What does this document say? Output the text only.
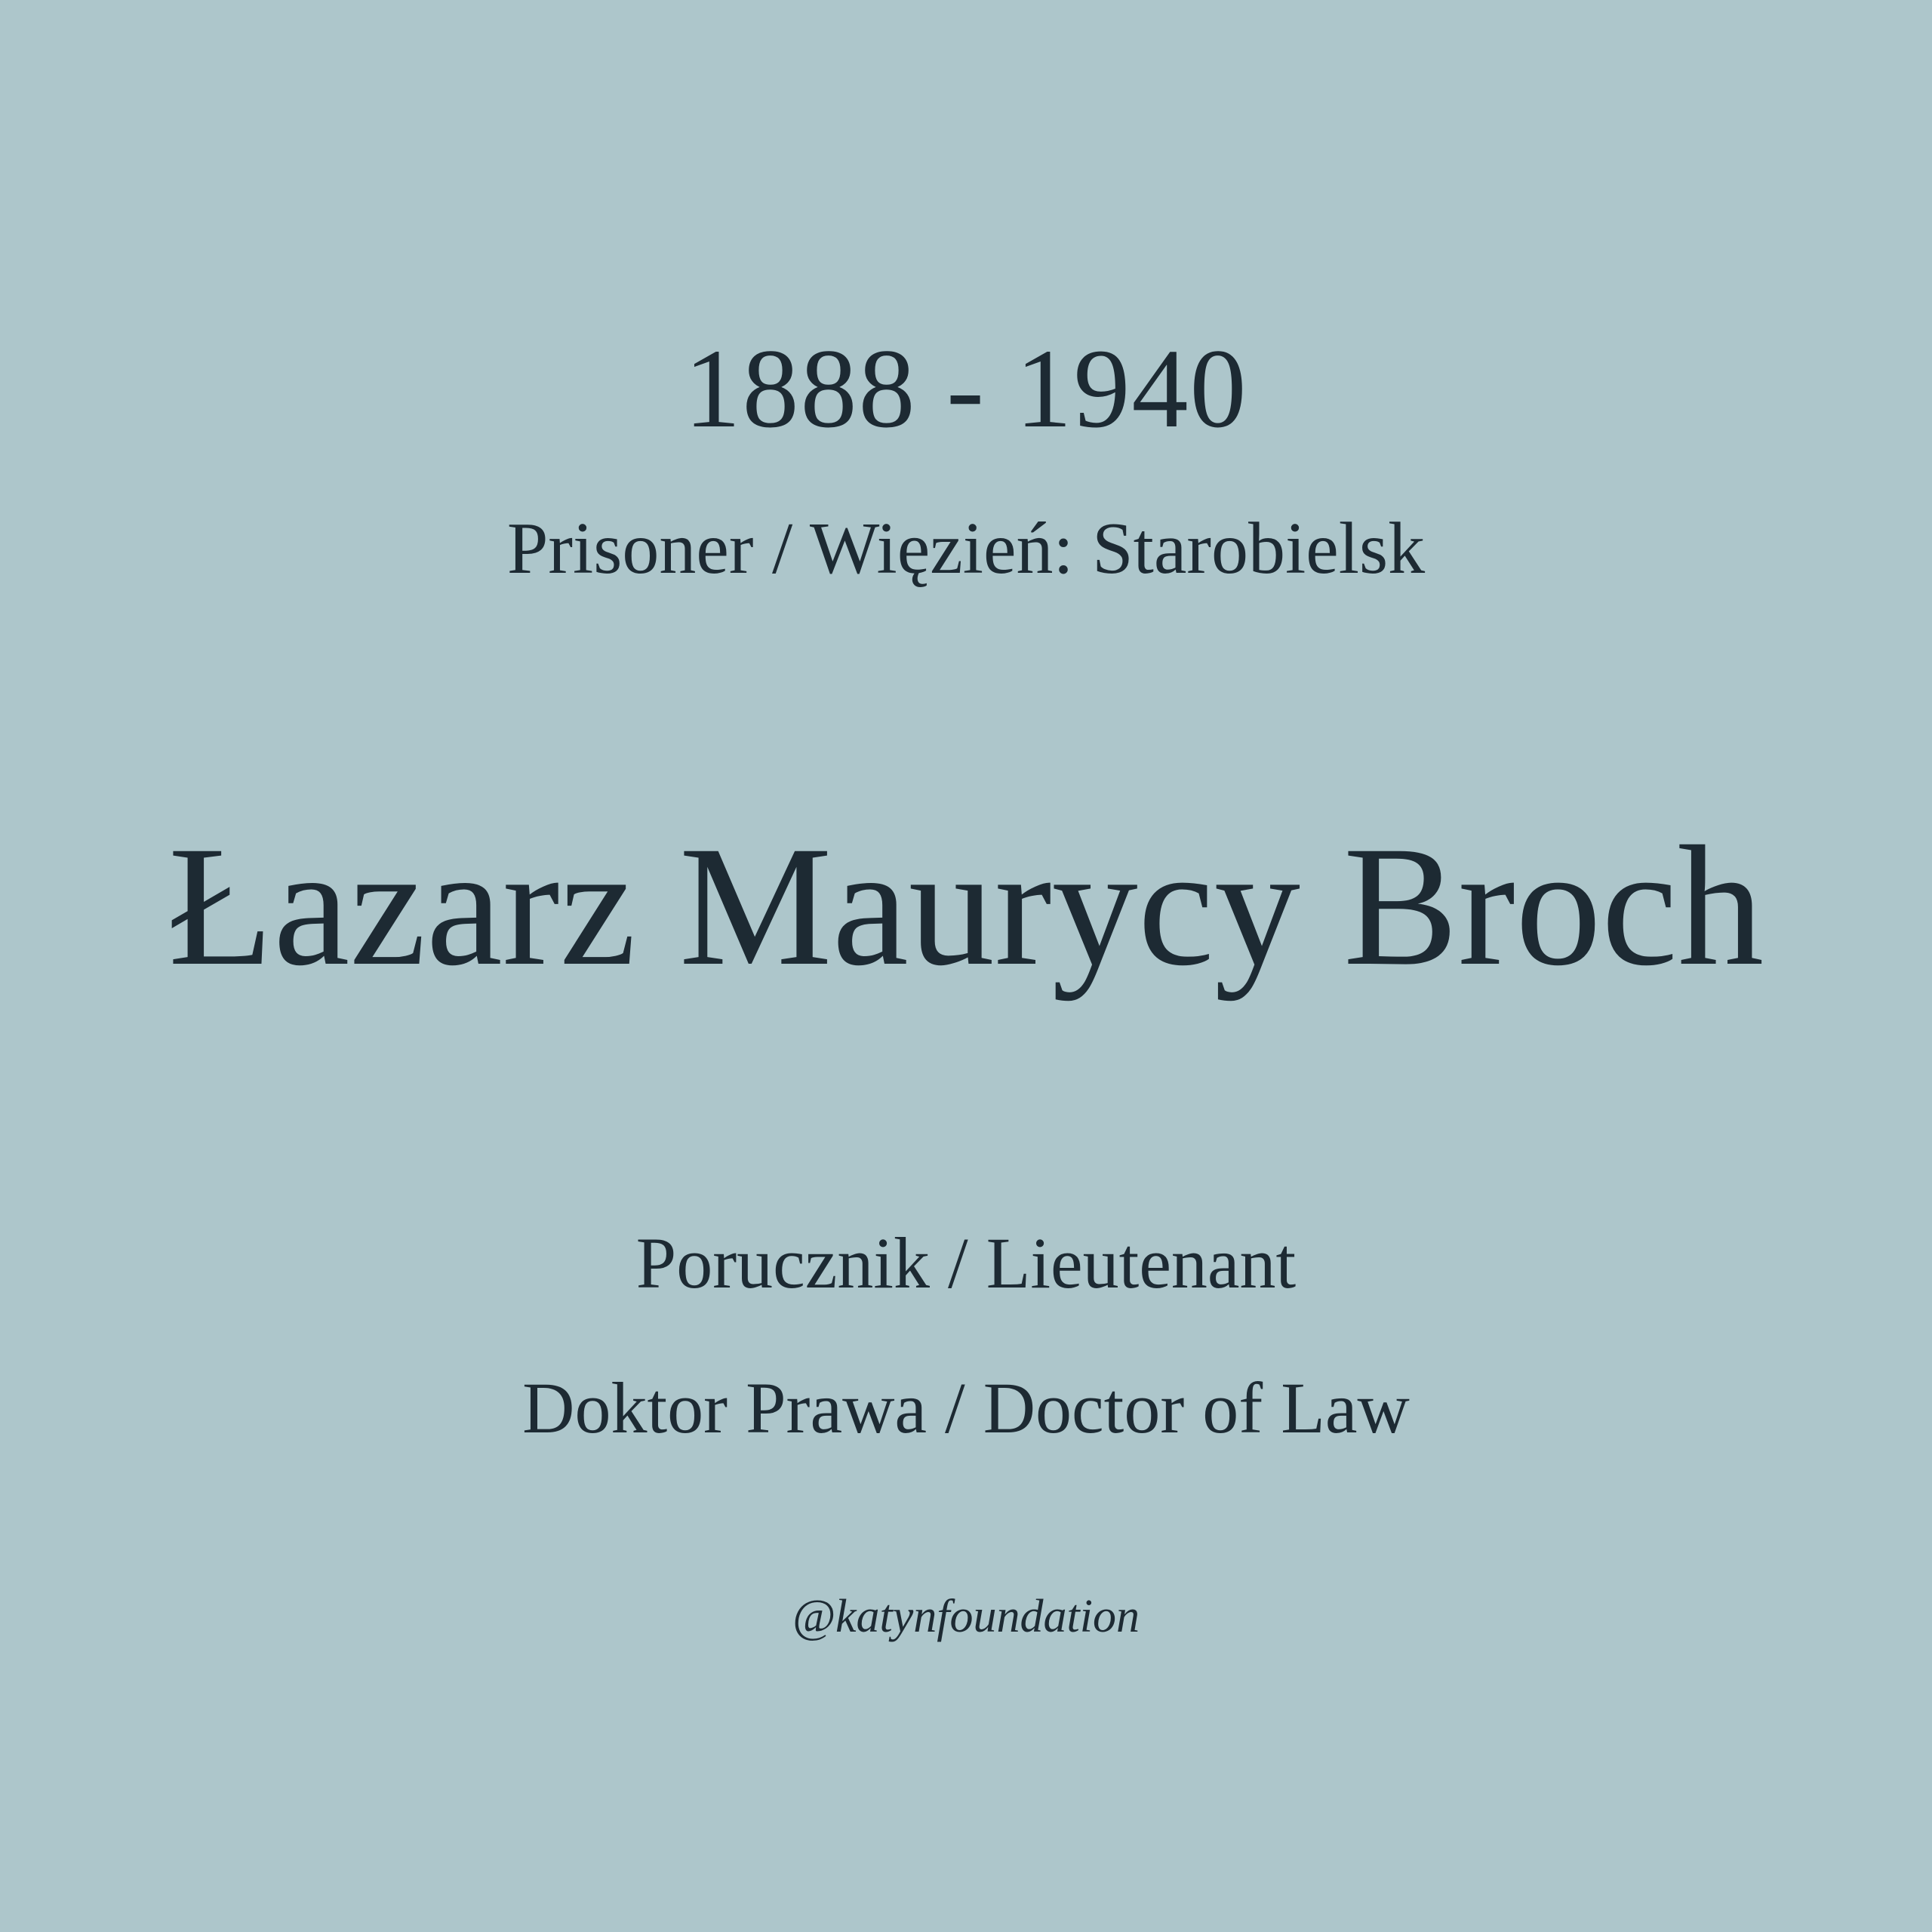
1888 - 1940
Prisoner / Więzień: Starobielsk
Łazarz Maurycy Broch
Porucznik / Lieutenant
Doktor Prawa / Doctor of Law
@katynfoundation
